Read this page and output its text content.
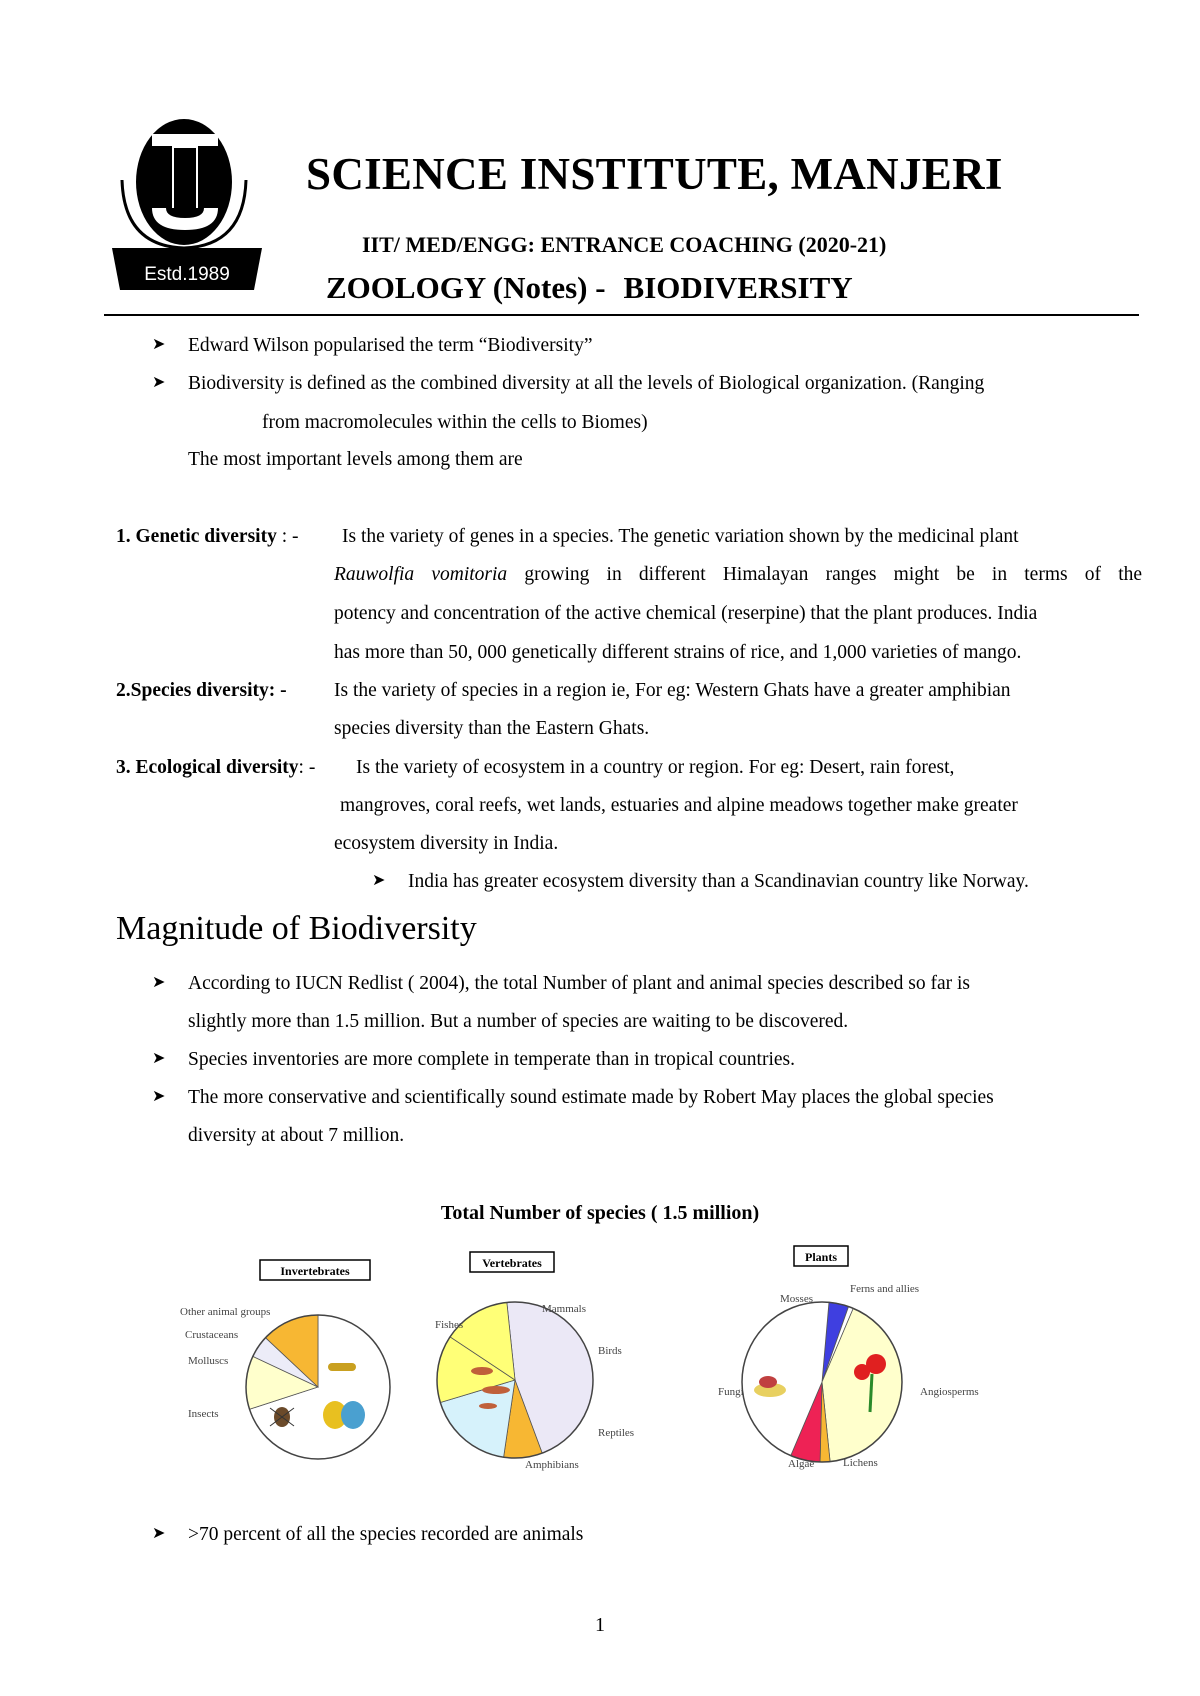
Estd.1989
SCIENCE INSTITUTE, MANJERI
IIT/ MED/ENGG: ENTRANCE COACHING (2020-21)
ZOOLOGY (Notes) - BIODIVERSITY
➤ Edward Wilson popularised the term “Biodiversity”
➤ Biodiversity is defined as the combined diversity at all the levels of Biological organization. (Ranging
from macromolecules within the cells to Biomes)
The most important levels among them are
1. Genetic diversity : - Is the variety of genes in a species. The genetic variation shown by the medicinal plant
Rauwolfia vomitoria growing in different Himalayan ranges might be in terms of the
potency and concentration of the active chemical (reserpine) that the plant produces. India
has more than 50, 000 genetically different strains of rice, and 1,000 varieties of mango.
2.Species diversity: - Is the variety of species in a region ie, For eg: Western Ghats have a greater amphibian
species diversity than the Eastern Ghats.
3. Ecological diversity: - Is the variety of ecosystem in a country or region. For eg: Desert, rain forest,
mangroves, coral reefs, wet lands, estuaries and alpine meadows together make greater
ecosystem diversity in India.
➤ India has greater ecosystem diversity than a Scandinavian country like Norway.
Magnitude of Biodiversity
➤ According to IUCN Redlist ( 2004), the total Number of plant and animal species described so far is
slightly more than 1.5 million. But a number of species are waiting to be discovered.
➤ Species inventories are more complete in temperate than in tropical countries.
➤ The more conservative and scientifically sound estimate made by Robert May places the global species
diversity at about 7 million.
Total Number of species ( 1.5 million)
Invertebrates
Other animal groups
Crustaceans
Molluscs
Insects
Vertebrates
Fishes
Mammals
Birds
Reptiles
Amphibians
Plants
Mosses
Ferns and allies
Angiosperms
Lichens
Algae
Fungi
➤ >70 percent of all the species recorded are animals
1
